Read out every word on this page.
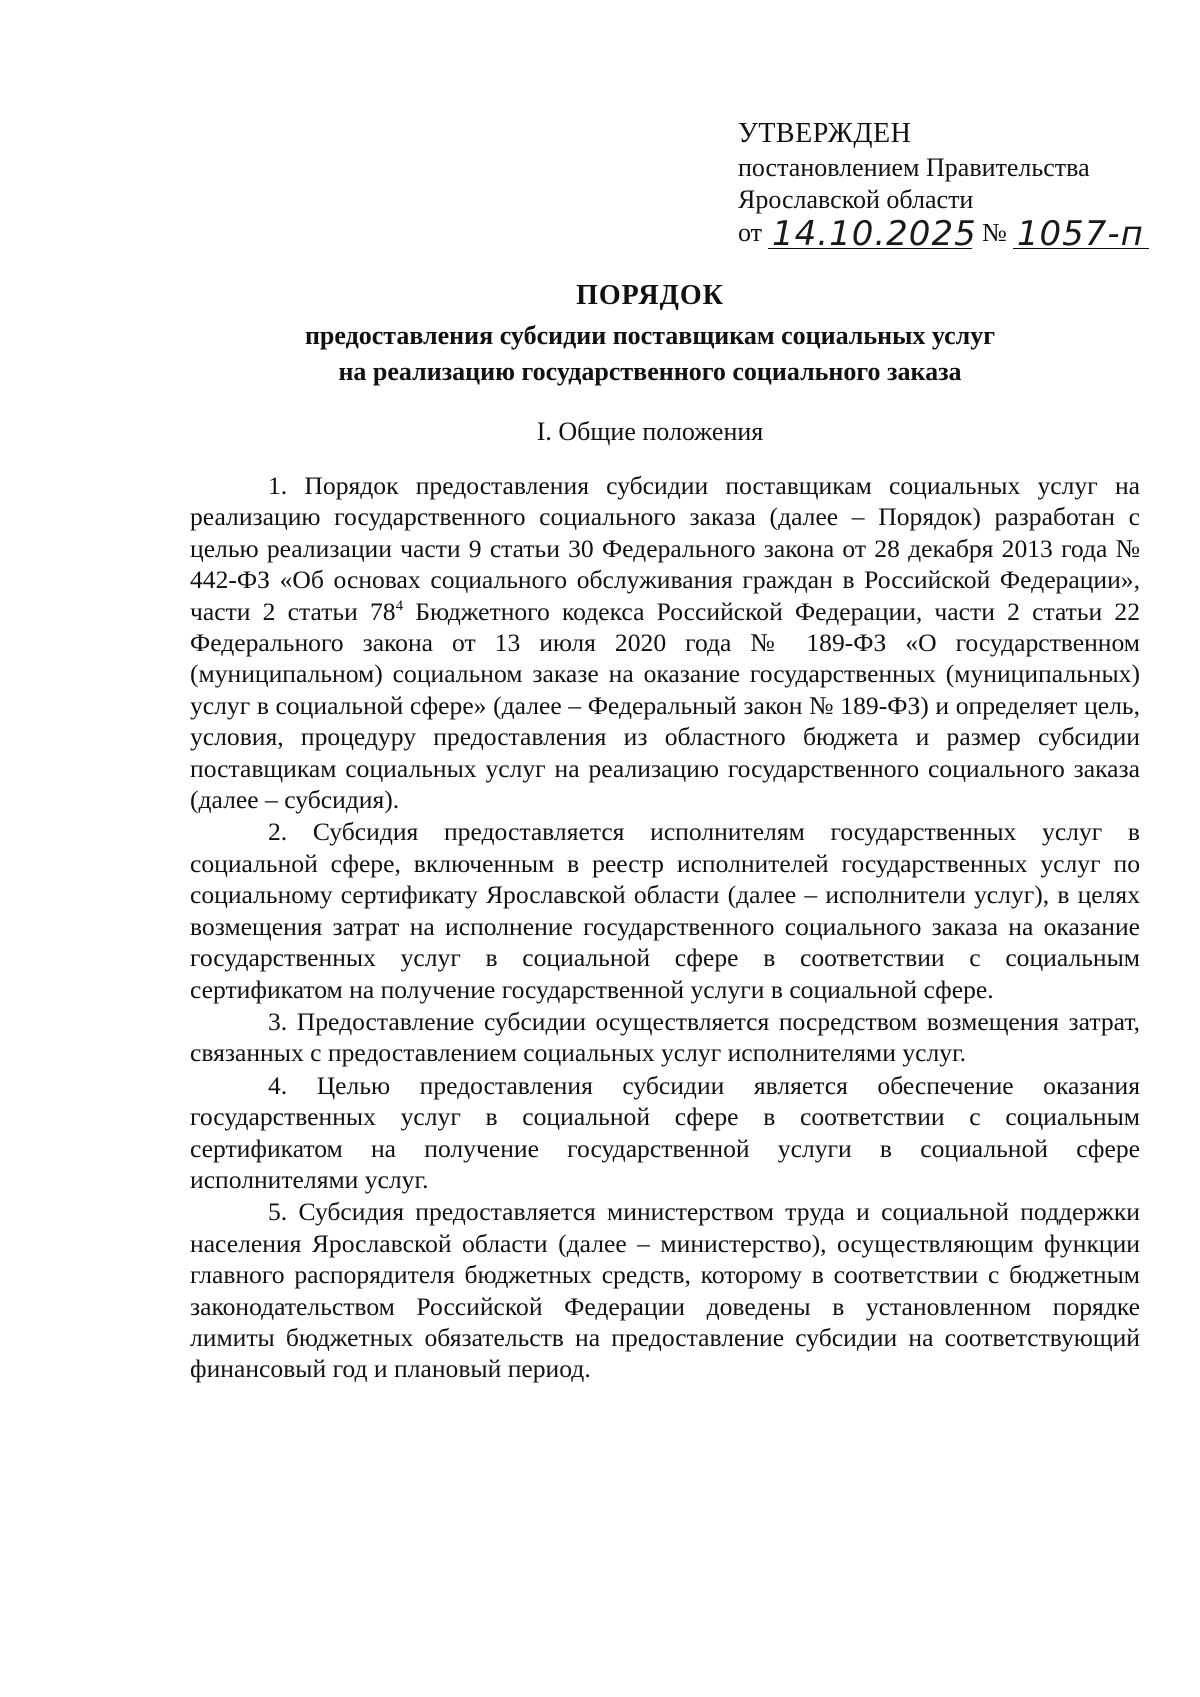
УТВЕРЖДЕН
постановлением Правительства
Ярославской области
от 14.10.2025 № 1057-п
ПОРЯДОК
предоставления субсидии поставщикам социальных услуг
на реализацию государственного социального заказа
I. Общие положения

1. Порядок предоставления субсидии поставщикам социальных услуг на реализацию государственного социального заказа (далее – Порядок) разработан с целью реализации части 9 статьи 30 Федерального закона от 28 декабря 2013 года № 442-ФЗ «Об основах социального обслуживания граждан в Российской Федерации», части 2 статьи $78^4$ Бюджетного кодекса Российской Федерации, части 2 статьи 22 Федерального закона от 13 июля 2020 года № 189-ФЗ «О государственном (муниципальном) социальном заказе на оказание государственных (муниципальных) услуг в социальной сфере» (далее – Федеральный закон № 189-ФЗ) и определяет цель, условия, процедуру предоставления из областного бюджета и размер субсидии поставщикам социальных услуг на реализацию государственного социального заказа (далее – субсидия).

2. Субсидия предоставляется исполнителям государственных услуг в социальной сфере, включенным в реестр исполнителей государственных услуг по социальному сертификату Ярославской области (далее – исполнители услуг), в целях возмещения затрат на исполнение государственного социального заказа на оказание государственных услуг в социальной сфере в соответствии с социальным сертификатом на получение государственной услуги в социальной сфере.

3. Предоставление субсидии осуществляется посредством возмещения затрат, связанных с предоставлением социальных услуг исполнителями услуг.

4. Целью предоставления субсидии является обеспечение оказания государственных услуг в социальной сфере в соответствии с социальным сертификатом на получение государственной услуги в социальной сфере исполнителями услуг.

5. Субсидия предоставляется министерством труда и социальной поддержки населения Ярославской области (далее – министерство), осуществляющим функции главного распорядителя бюджетных средств, которому в соответствии с бюджетным законодательством Российской Федерации доведены в установленном порядке лимиты бюджетных обязательств на предоставление субсидии на соответствующий финансовый год и плановый период.
